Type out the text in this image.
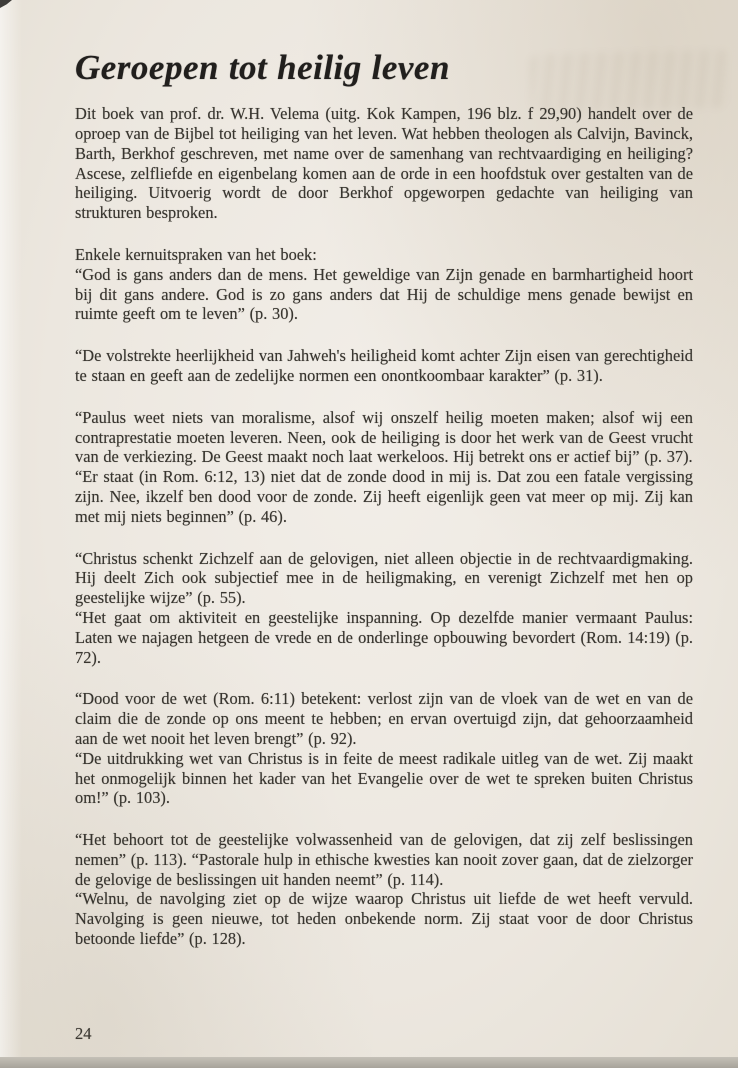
Geroepen tot heilig leven

Dit boek van prof. dr. W.H. Velema (uitg. Kok Kampen, 196 blz. f 29,90) handelt over de oproep van de Bijbel tot heiliging van het leven. Wat hebben theologen als Calvijn, Bavinck, Barth, Berkhof geschreven, met name over de samenhang van rechtvaardiging en heiliging? Ascese, zelfliefde en eigenbelang komen aan de orde in een hoofdstuk over gestalten van de heiliging. Uitvoerig wordt de door Berkhof opgeworpen gedachte van heiliging van strukturen besproken.

Enkele kernuitspraken van het boek:

“God is gans anders dan de mens. Het geweldige van Zijn genade en barmhartigheid hoort bij dit gans andere. God is zo gans anders dat Hij de schuldige mens genade bewijst en ruimte geeft om te leven” (p. 30).

“De volstrekte heerlijkheid van Jahweh's heiligheid komt achter Zijn eisen van gerechtigheid te staan en geeft aan de zedelijke normen een onontkoombaar karakter” (p. 31).

“Paulus weet niets van moralisme, alsof wij onszelf heilig moeten maken; alsof wij een contraprestatie moeten leveren. Neen, ook de heiliging is door het werk van de Geest vrucht van de verkiezing. De Geest maakt noch laat werkeloos. Hij betrekt ons er actief bij” (p. 37).

“Er staat (in Rom. 6:12, 13) niet dat de zonde dood in mij is. Dat zou een fatale vergissing zijn. Nee, ikzelf ben dood voor de zonde. Zij heeft eigenlijk geen vat meer op mij. Zij kan met mij niets beginnen” (p. 46).

“Christus schenkt Zichzelf aan de gelovigen, niet alleen objectie in de rechtvaardigmaking. Hij deelt Zich ook subjectief mee in de heiligmaking, en verenigt Zichzelf met hen op geestelijke wijze” (p. 55).

“Het gaat om aktiviteit en geestelijke inspanning. Op dezelfde manier vermaant Paulus: Laten we najagen hetgeen de vrede en de onderlinge opbouwing bevordert (Rom. 14:19) (p. 72).

“Dood voor de wet (Rom. 6:11) betekent: verlost zijn van de vloek van de wet en van de claim die de zonde op ons meent te hebben; en ervan overtuigd zijn, dat gehoorzaamheid aan de wet nooit het leven brengt” (p. 92).

“De uitdrukking wet van Christus is in feite de meest radikale uitleg van de wet. Zij maakt het onmogelijk binnen het kader van het Evangelie over de wet te spreken buiten Christus om!” (p. 103).

“Het behoort tot de geestelijke volwassenheid van de gelovigen, dat zij zelf beslissingen nemen” (p. 113). “Pastorale hulp in ethische kwesties kan nooit zover gaan, dat de zielzorger de gelovige de beslissingen uit handen neemt” (p. 114).

“Welnu, de navolging ziet op de wijze waarop Christus uit liefde de wet heeft vervuld. Navolging is geen nieuwe, tot heden onbekende norm. Zij staat voor de door Christus betoonde liefde” (p. 128).

24
